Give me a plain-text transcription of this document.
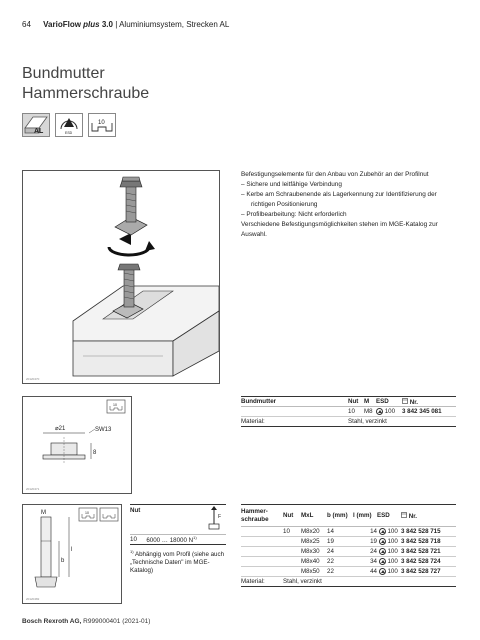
64 VarioFlow plus 3.0 | Aluminiumsystem, Strecken AL
Bundmutter
Hammerschraube
AL	ESD
10
20120470
Befestigungselemente für den Anbau von Zubehör an der Profilnut
– Sichere und leitfähige Verbindung
– Kerbe am Schraubenende als Lagerkennung zur Identifizierung der richtigen Positionierung
– Profilbearbeitung: Nicht erforderlich
Verschiedene Befestigungsmöglichkeiten stehen im MGE-Katalog zur Auswahl.
10
⌀21	SW13
8
20120471
Bundmutter	Nut	M	ESD	Nr.
	10	M8	100	3 842 345 081
Material:	Stahl, verzinkt			
10
M
b
l
20120482
Nut	F

10	6000 … 18000 $N^{1)}$
$^{1)}$ Abhängig vom Profil (siehe auch „Technische Daten" im MGE-Katalog)
Hammer-schraube	Nut	MxL	b (mm)	l (mm)	ESD	Nr.
	10	M8x20	14	14	100	3 842 528 715
		M8x25	19	19	100	3 842 528 718
		M8x30	24	24	100	3 842 528 721
		M8x40	22	34	100	3 842 528 724
		M8x50	22	44	100	3 842 528 727
Material:	Stahl, verzinkt					
Bosch Rexroth AG, R999000401 (2021-01)
